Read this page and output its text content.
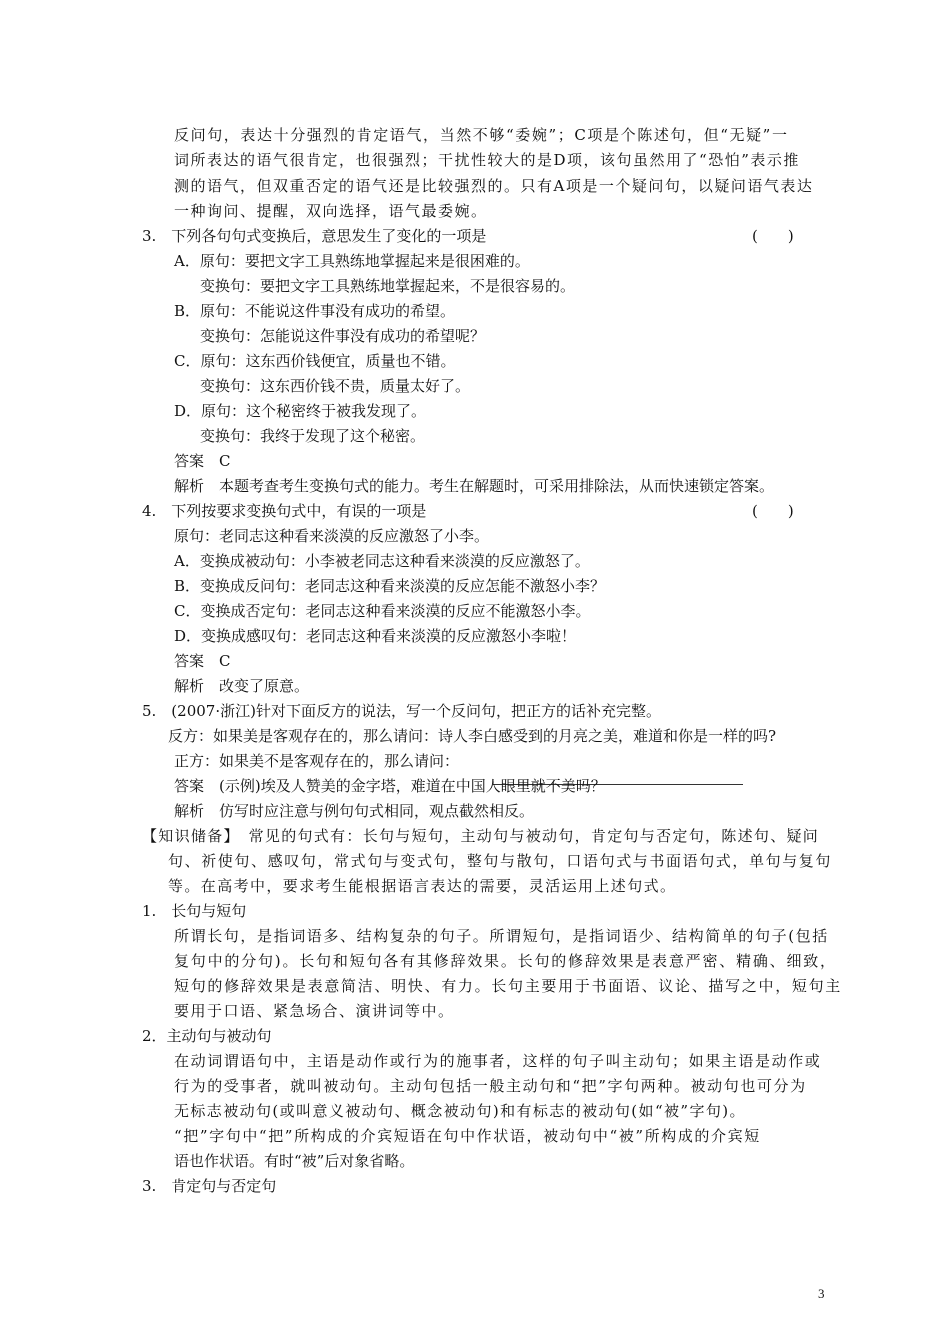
反问句，表达十分强烈的肯定语气，当然不够“委婉”；C项是个陈述句，但“无疑”一
词所表达的语气很肯定，也很强烈；干扰性较大的是D项，该句虽然用了“恐怕”表示推
测的语气，但双重否定的语气还是比较强烈的。只有A项是一个疑问句，以疑问语气表达
一种询问、提醒，双向选择，语气最委婉。
3.　下列各句句式变换后，意思发生了变化的一项是	(　　)
A．原句：要把文字工具熟练地掌握起来是很困难的。
变换句：要把文字工具熟练地掌握起来，不是很容易的。
B．原句：不能说这件事没有成功的希望。
变换句：怎能说这件事没有成功的希望呢？
C．原句：这东西价钱便宜，质量也不错。
变换句：这东西价钱不贵，质量太好了。
D．原句：这个秘密终于被我发现了。
变换句：我终于发现了这个秘密。
答案　C
解析　本题考查考生变换句式的能力。考生在解题时，可采用排除法，从而快速锁定答案。
4.　下列按要求变换句式中，有误的一项是	(　　)
原句：老同志这种看来淡漠的反应激怒了小李。
A．变换成被动句：小李被老同志这种看来淡漠的反应激怒了。
B．变换成反问句：老同志这种看来淡漠的反应怎能不激怒小李？
C．变换成否定句：老同志这种看来淡漠的反应不能激怒小李。
D．变换成感叹句：老同志这种看来淡漠的反应激怒小李啦！
答案　C
解析　改变了原意。
5.　(2007·浙江)针对下面反方的说法，写一个反问句，把正方的话补充完整。
反方：如果美是客观存在的，那么请问：诗人李白感受到的月亮之美，难道和你是一样的吗?
正方：如果美不是客观存在的，那么请问：
答案　(示例)埃及人赞美的金字塔，难道在中国人眼里就不美吗？
解析　仿写时应注意与例句句式相同，观点截然相反。
【知识储备】　常见的句式有：长句与短句，主动句与被动句，肯定句与否定句，陈述句、疑问
句、祈使句、感叹句，常式句与变式句，整句与散句，口语句式与书面语句式，单句与复句
等。在高考中，要求考生能根据语言表达的需要，灵活运用上述句式。
1.　长句与短句
所谓长句，是指词语多、结构复杂的句子。所谓短句，是指词语少、结构简单的句子(包括
复句中的分句)。长句和短句各有其修辞效果。长句的修辞效果是表意严密、精确、细致，
短句的修辞效果是表意简洁、明快、有力。长句主要用于书面语、议论、描写之中，短句主
要用于口语、紧急场合、演讲词等中。
2．主动句与被动句
在动词谓语句中，主语是动作或行为的施事者，这样的句子叫主动句；如果主语是动作或
行为的受事者，就叫被动句。主动句包括一般主动句和“把”字句两种。被动句也可分为
无标志被动句(或叫意义被动句、概念被动句)和有标志的被动句(如“被”字句)。
“把”字句中“把”所构成的介宾短语在句中作状语，被动句中“被”所构成的介宾短
语也作状语。有时“被”后对象省略。
3.　肯定句与否定句
3
